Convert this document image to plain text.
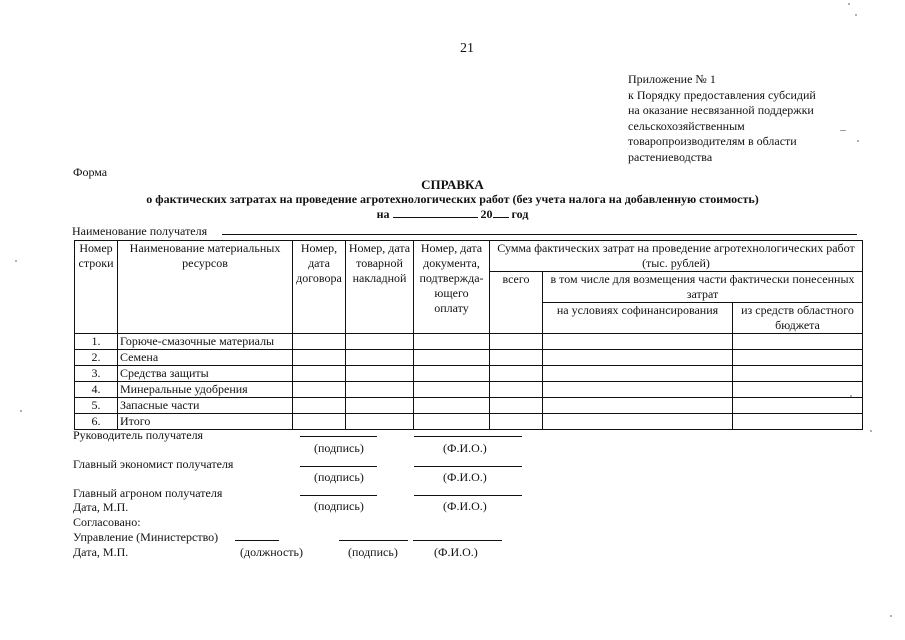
21
Приложение № 1
к Порядку предоставления субсидий
на оказание несвязанной поддержки
сельскохозяйственным
товаропроизводителям в области
растениеводства
Форма
СПРАВКА
о фактических затратах на проведение агротехнологических работ (без учета налога на добавленную стоимость)
на	20 год
Наименование получателя
Номер строки	Наименование материальных ресурсов	Номер, дата договора	Номер, дата товарной накладной	Номер, дата документа, подтвержда-ющего оплату	Сумма фактических затрат на проведение агротехнологических работ (тыс. рублей)		
					всего	в том числе для возмещения части фактически понесенных затрат	
						на условиях софинансирования	из средств областного бюджета
1.	Горюче-смазочные материалы						
2.	Семена						
3.	Средства защиты						
4.	Минеральные удобрения						
5.	Запасные части						
6.	Итого						
Руководитель получателя
(подпись)	(Ф.И.О.)
Главный экономист получателя
(подпись)	(Ф.И.О.)
Главный агроном получателя
Дата, М.П.	(подпись)	(Ф.И.О.)
Согласовано:
Управление (Министерство)
Дата, М.П.	(должность)	(подпись)	(Ф.И.О.)
